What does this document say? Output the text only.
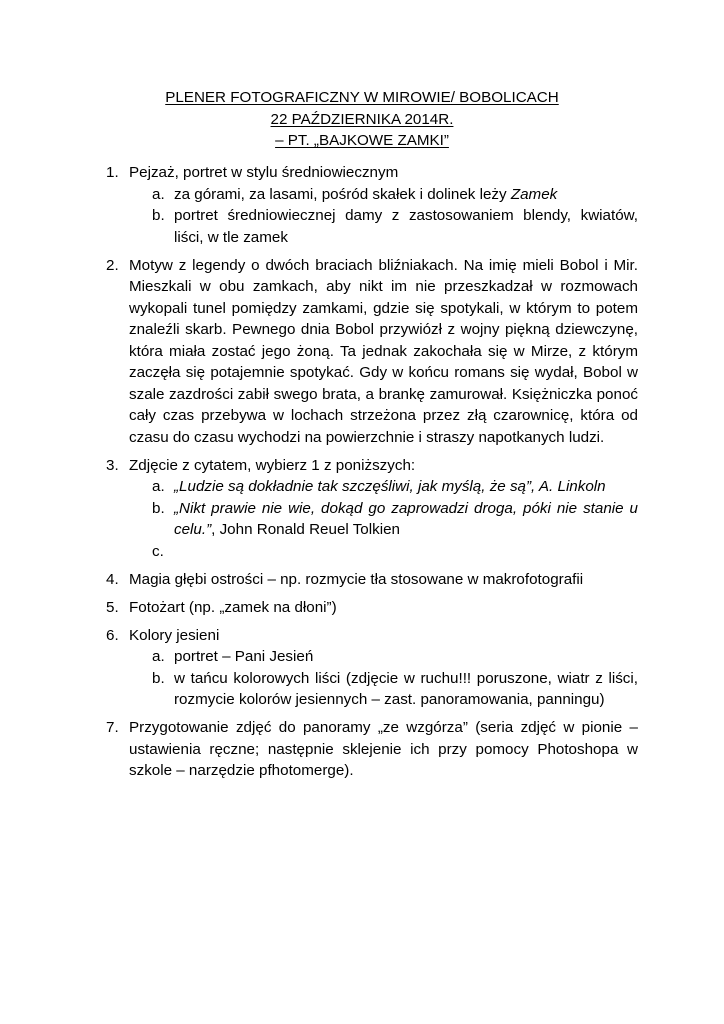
PLENER FOTOGRAFICZNY W MIROWIE/ BOBOLICACH
22 PAŹDZIERNIKA 2014R.
– PT. „BAJKOWE ZAMKI”
1. Pejzaż, portret w stylu średniowiecznym
a. za górami, za lasami, pośród skałek i dolinek leży Zamek
b. portret średniowiecznej damy z zastosowaniem blendy, kwiatów, liści, w tle zamek
2. Motyw z legendy o dwóch braciach bliźniakach. Na imię mieli Bobol i Mir. Mieszkali w obu zamkach, aby nikt im nie przeszkadzał w rozmowach wykopali tunel pomiędzy zamkami, gdzie się spotykali, w którym to potem znaleźli skarb. Pewnego dnia Bobol przywiózł z wojny piękną dziewczynę, która miała zostać jego żoną. Ta jednak zakochała się w Mirze, z którym zaczęła się potajemnie spotykać. Gdy w końcu romans się wydał, Bobol w szale zazdrości zabił swego brata, a brankę zamurował. Księżniczka ponoć cały czas przebywa w lochach strzeżona przez złą czarownicę, która od czasu do czasu wychodzi na powierzchnie i straszy napotkanych ludzi.
3. Zdjęcie z cytatem, wybierz 1 z poniższych:
a. „Ludzie są dokładnie tak szczęśliwi, jak myślą, że są”, A. Linkoln
b. „Nikt prawie nie wie, dokąd go zaprowadzi droga, póki nie stanie u celu.”, John Ronald Reuel Tolkien
c.
4. Magia głębi ostrości – np. rozmycie tła stosowane w makrofotografii
5. Fotożart (np. „zamek na dłoni”)
6. Kolory jesieni
a. portret – Pani Jesień
b. w tańcu kolorowych liści (zdjęcie w ruchu!!! poruszone, wiatr z liści, rozmycie kolorów jesiennych – zast. panoramowania, panningu)
7. Przygotowanie zdjęć do panoramy „ze wzgórza” (seria zdjęć w pionie – ustawienia ręczne; następnie sklejenie ich przy pomocy Photoshopa w szkole – narzędzie pfhotomerge).
